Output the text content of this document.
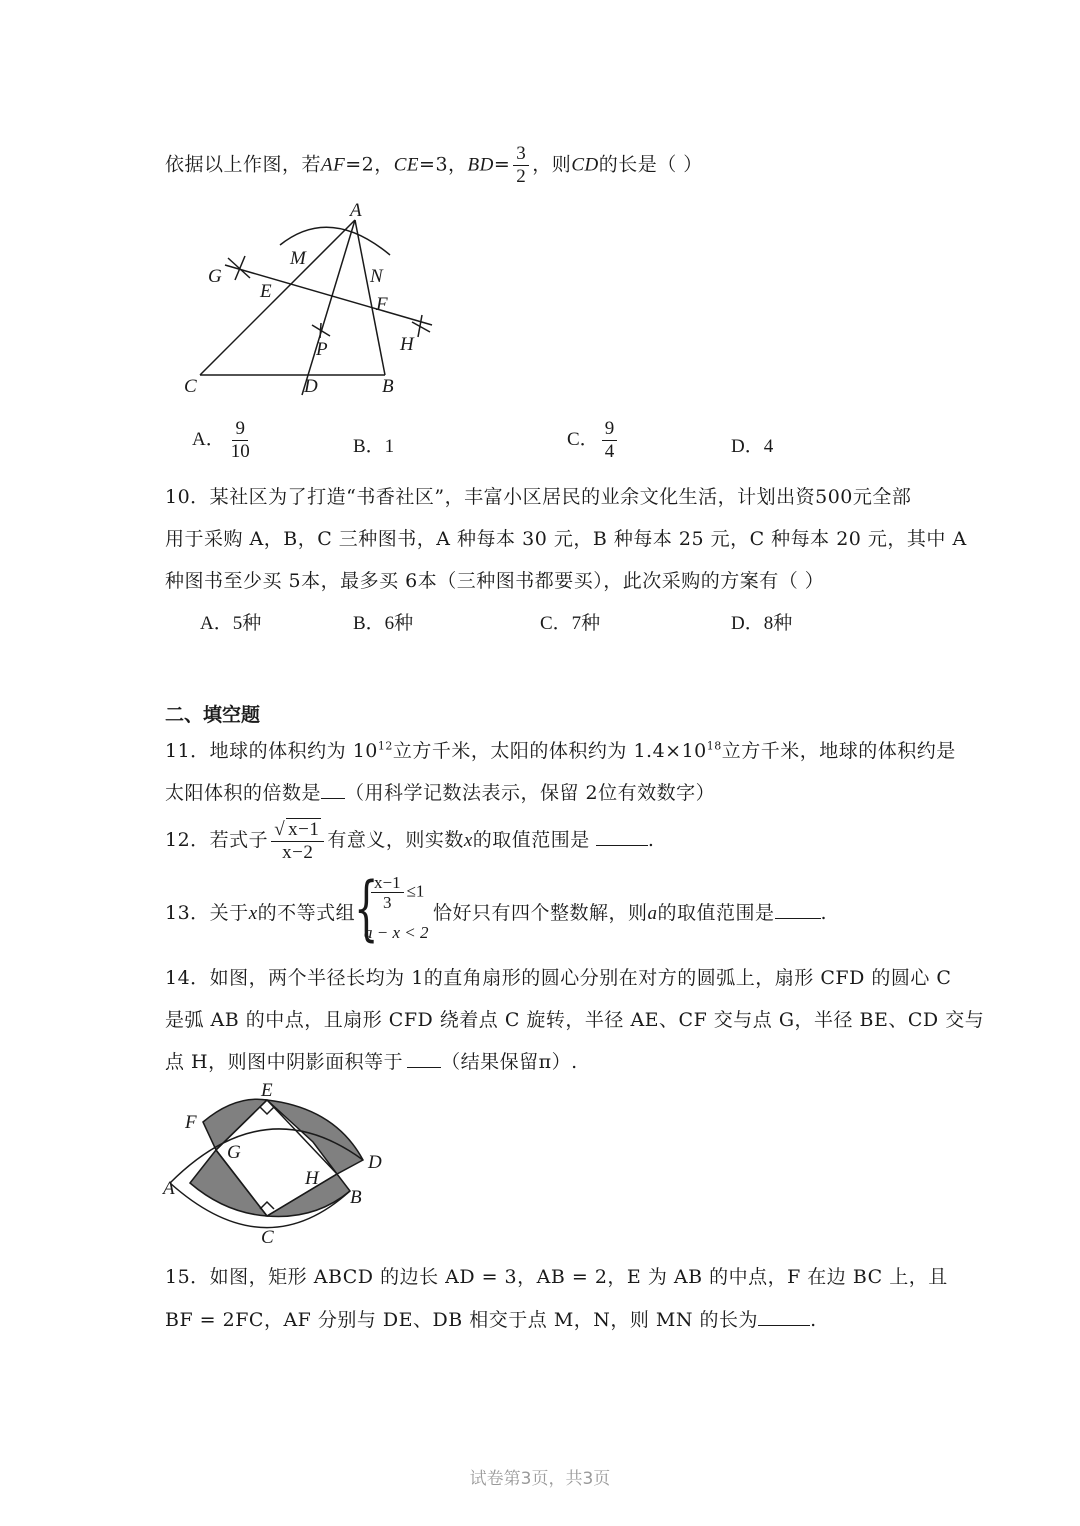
依据以上作图，若AF=2，CE=3，$BD= \frac{3}{2}$ ，则CD的长是（ ）
A
M
N
G
E
F
H
P
C	D	B
A． $\frac{9}{10}$	B．1	C． $\frac{9}{4}$	D．4
10．某社区为了打造“书香社区”，丰富小区居民的业余文化生活，计划出资500元全部
用于采购 A，B，C 三种图书，A 种每本 30 元，B 种每本 25 元，C 种每本 20 元，其中 A
种图书至少买 5本，最多买 6本（三种图书都要买），此次采购的方案有（ ）
A．5种	B．6种	C．7种	D．8种
二、填空题
11．地球的体积约为 $10^{12}$立方千米，太阳的体积约为 $1.4\times 10^{18}$立方千米，地球的体积约是
太阳体积的倍数是 （用科学记数法表示，保留 2位有效数字）
12．若式子 $\frac{√ x-1}{x-2}$ 有意义，则实数x的取值范围是	.
13．关于x的不等式组
{
$\frac{x-1}{3} \le 1$
a − x < 2
恰好只有四个整数解，则a的取值范围是 .
14．如图，两个半径长均为 1的直角扇形的圆心分别在对方的圆弧上，扇形 CFD 的圆心 C
是弧 AB 的中点，且扇形 CFD 绕着点 C 旋转，半径 AE、CF 交与点 G，半径 BE、CD 交与
点 H，则图中阴影面积等于 （结果保留π）.
E
F
G	D
A	H
B
C
15．如图，矩形 ABCD 的边长 AD = 3，AB = 2，E 为 AB 的中点，F 在边 BC 上，且
BF = 2FC，AF 分别与 DE、DB 相交于点 M，N，则 MN 的长为	.
试卷第3页，共3页
